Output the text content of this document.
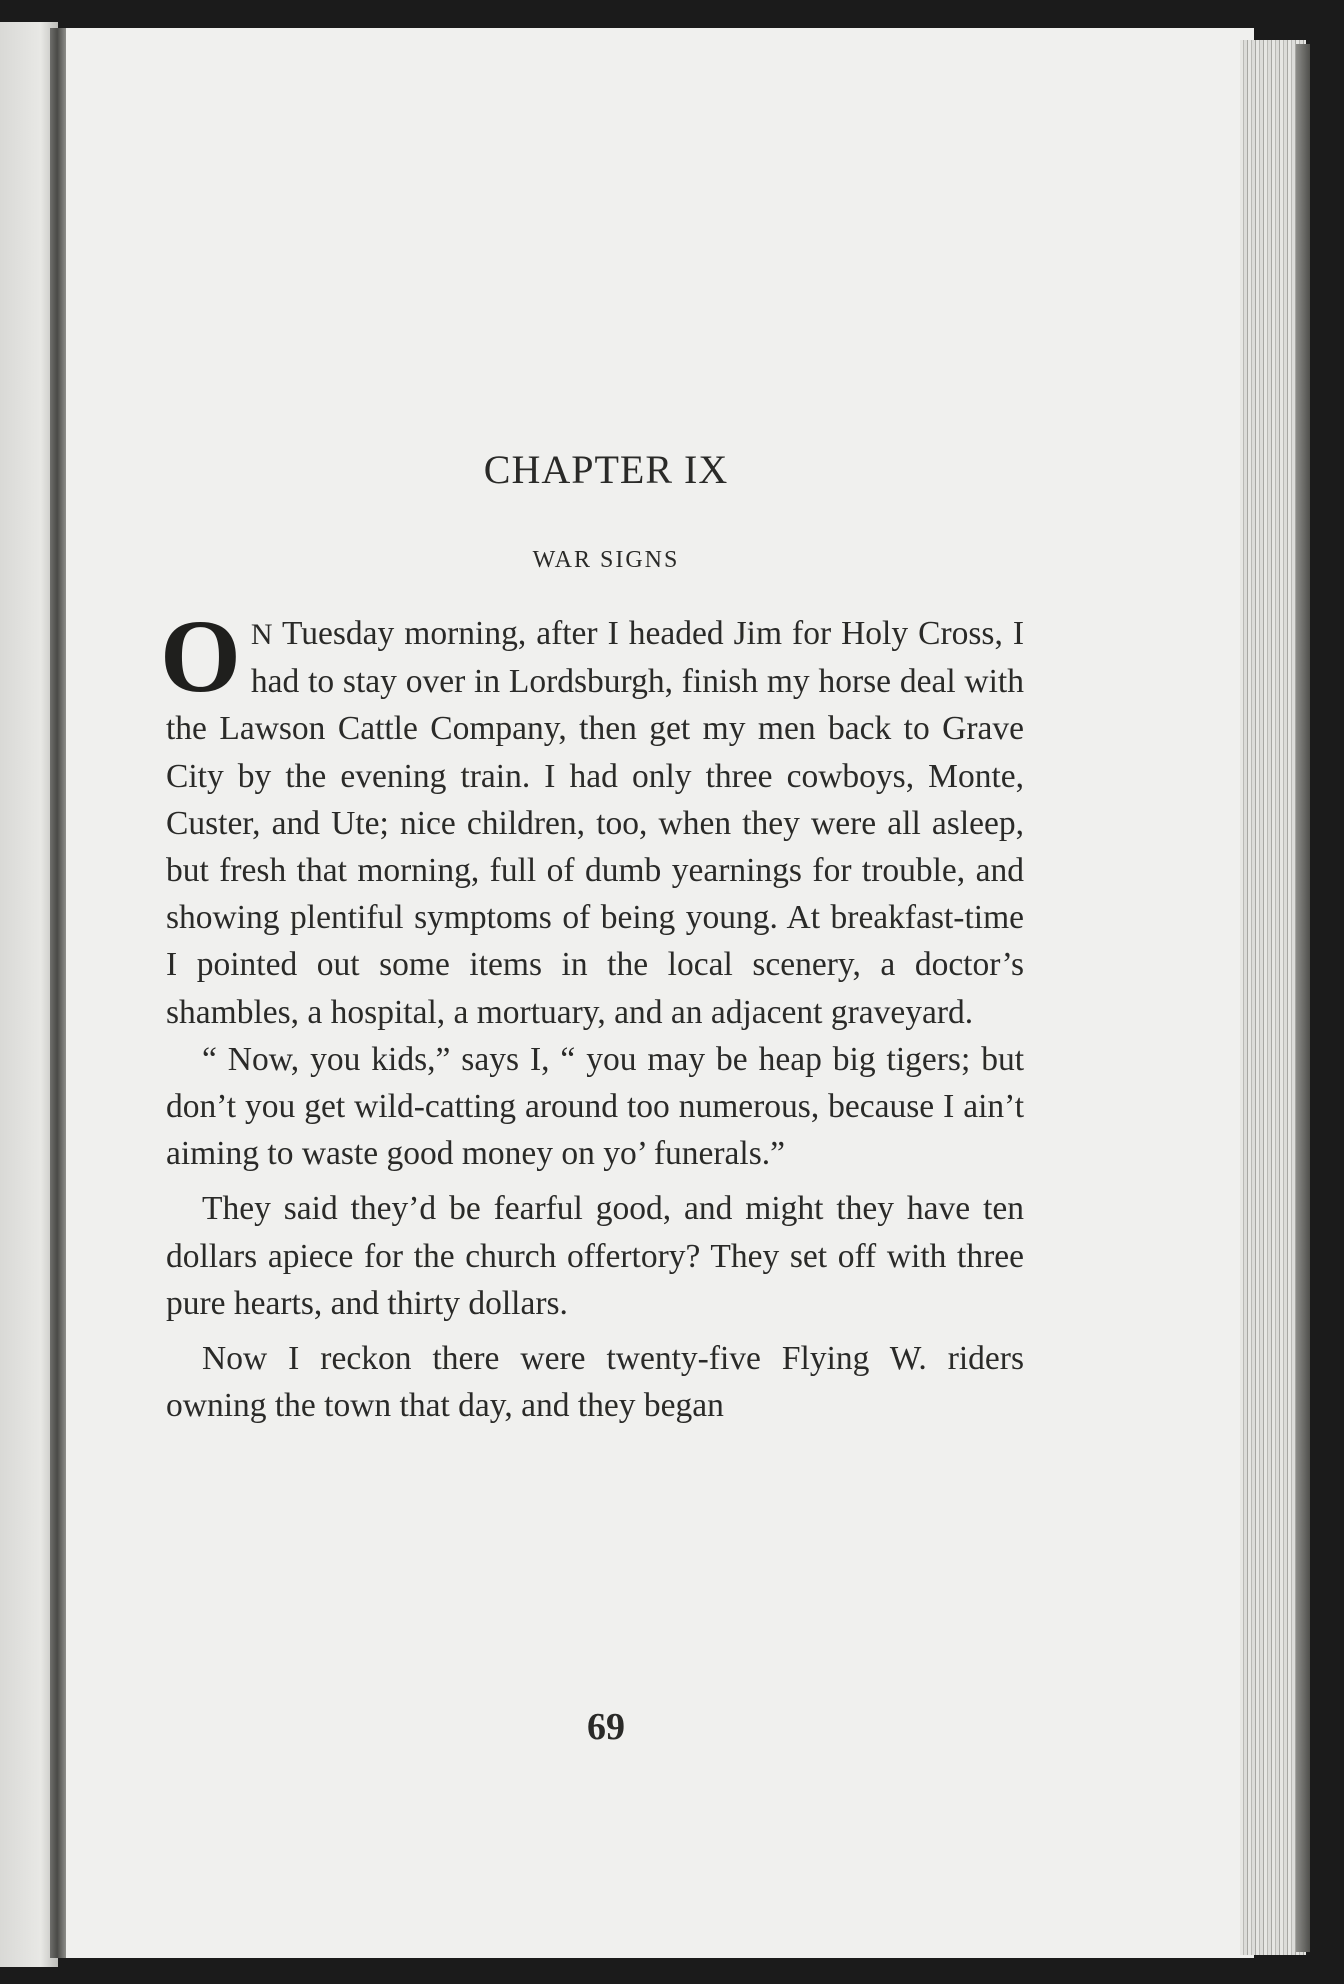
CHAPTER IX
WAR SIGNS

O N Tuesday morning, after I headed Jim for Holy Cross, I had to stay over in Lordsburgh, finish my horse deal with the Lawson Cattle Company, then get my men back to Grave City by the evening train. I had only three cowboys, Monte, Custer, and Ute; nice children, too, when they were all asleep, but fresh that morning, full of dumb yearnings for trouble, and showing plentiful symptoms of being young. At breakfast-time I pointed out some items in the local scenery, a doctor’s shambles, a hospital, a mortuary, and an adjacent graveyard.

“ Now, you kids,” says I, “ you may be heap big tigers; but don’t you get wild-catting around too numerous, because I ain’t aiming to waste good money on yo’ funerals.”

They said they’d be fearful good, and might they have ten dollars apiece for the church offertory? They set off with three pure hearts, and thirty dollars.

Now I reckon there were twenty-five Flying W. riders owning the town that day, and they began

69
